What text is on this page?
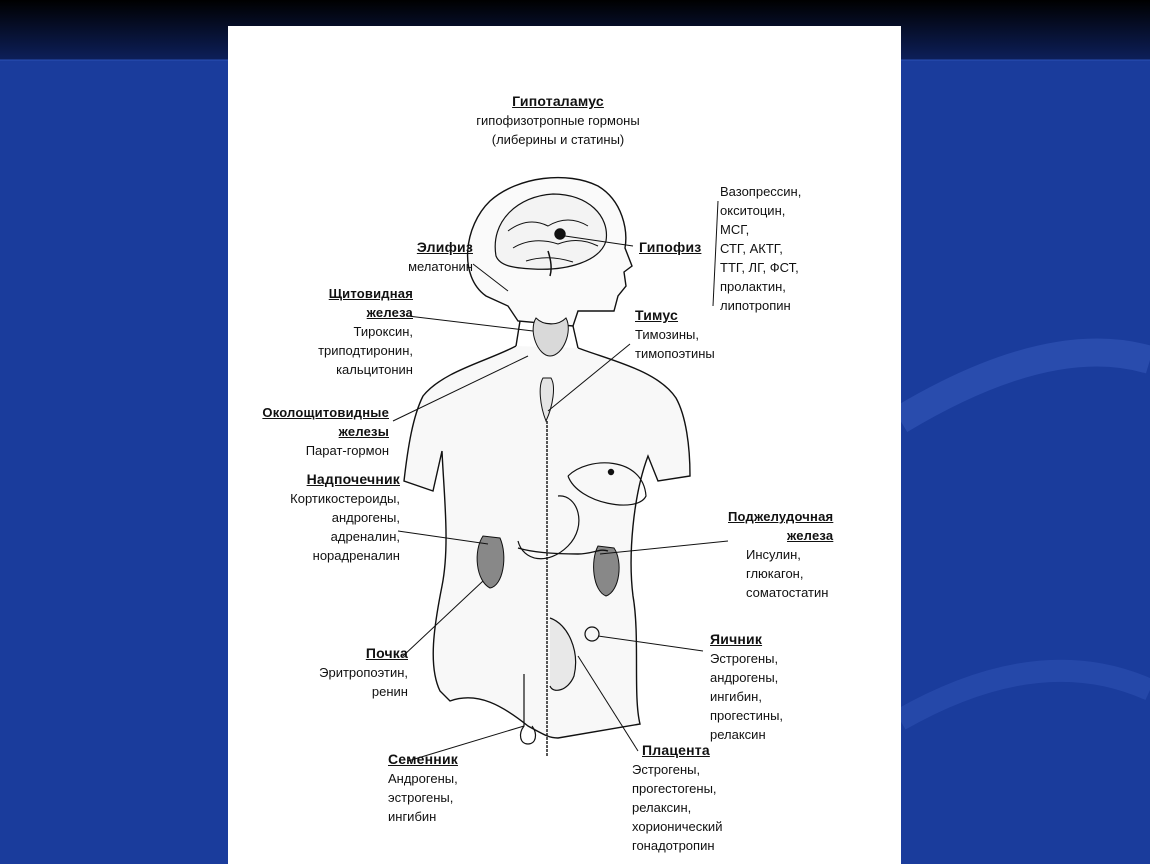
Гипоталамус
гипофизотропные гормоны
(либерины и статины)
Гипофиз
Вазопрессин,
окситоцин,
МСГ,
СТГ, АКТГ,
ТТГ, ЛГ, ФСТ,
пролактин,
липотропин
Элифиз
мелатонин
Щитовидная
железа
Тироксин,
триподтиронин,
кальцитонин
Тимус
Тимозины,
тимопоэтины
Околощитовидные
железы
Парат-гормон
Надпочечник
Кортикостероиды,
андрогены,
адреналин,
норадреналин
Поджелудочная
железа
Инсулин,
глюкагон,
соматостатин
Почка
Эритропоэтин,
ренин
Яичник
Эстрогены,
андрогены,
ингибин,
прогестины,
релаксин
Семенник
Андрогены,
эстрогены,
ингибин
Плацента
Эстрогены,
прогестогены,
релаксин,
хорионический
гонадотропин
